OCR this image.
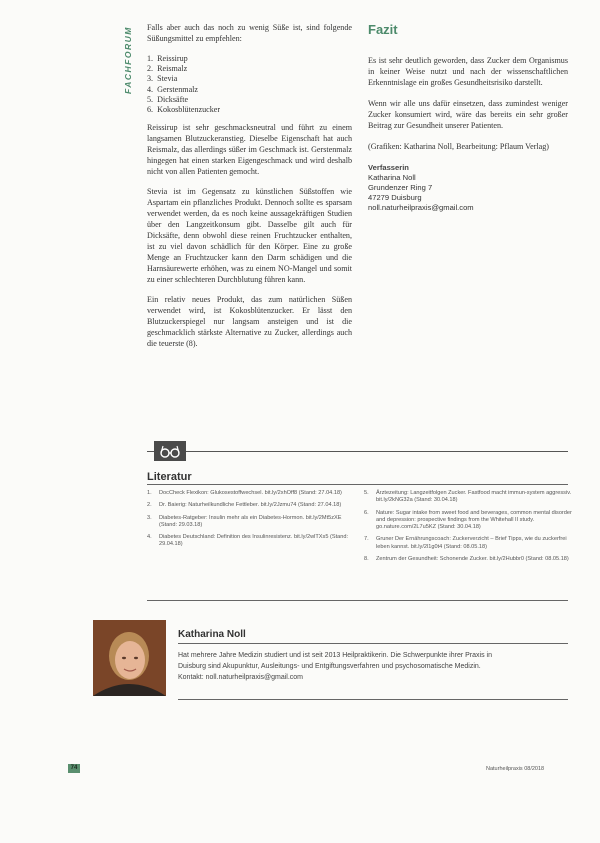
FACHFORUM Falls aber auch das noch zu wenig Süße ist, sind folgende Süßungsmittel zu empfehlen:

1.  Reissirup
2.  Reismalz
3.  Stevia
4.  Gerstenmalz
5.  Dicksäfte
6.  Kokosblütenzucker

Reissirup ist sehr geschmacksneutral und führt zu einem langsamen Blutzuckeranstieg. Dieselbe Eigenschaft hat auch Reismalz, das allerdings süßer im Geschmack ist. Gerstenmalz hingegen hat einen starken Eigengeschmack und wird deshalb nicht von allen Patienten gemocht.

Stevia ist im Gegensatz zu künstlichen Süßstoffen wie Aspartam ein pflanzliches Produkt. Dennoch sollte es sparsam verwendet werden, da es noch keine aussagekräftigen Studien über den Langzeitkonsum gibt. Dasselbe gilt auch für Dicksäfte, denn obwohl diese reinen Fruchtzucker enthalten, ist zu viel davon schädlich für den Körper. Eine zu große Menge an Fruchtzucker kann den Darm schädigen und die Harnsäurewerte erhöhen, was zu einem NO-Mangel und somit zu einer schlechteren Durchblutung führen kann.

Ein relativ neues Produkt, das zum natürlichen Süßen verwendet wird, ist Kokosblütenzucker. Er lässt den Blutzuckerspiegel nur langsam ansteigen und ist die geschmacklich stärkste Alternative zu Zucker, allerdings auch die teuerste (8).

Fazit

Es ist sehr deutlich geworden, dass Zucker dem Organismus in keiner Weise nutzt und nach der wissenschaftlichen Erkenntnislage ein großes Gesundheitsrisiko darstellt.

Wenn wir alle uns dafür einsetzen, dass zumindest weniger Zucker konsumiert wird, wäre das bereits ein sehr großer Beitrag zur Gesundheit unserer Patienten.

(Grafiken: Katharina Noll, Bearbeitung: Pflaum Verlag)

Verfasserin
Katharina Noll
Grundenzer Ring 7
47279 Duisburg
noll.naturheilpraxis@gmail.com
Literatur
1. DocCheck Flexikon: Glukosestoffwechsel. bit.ly/2xhOff8 (Stand: 27.04.18)
2. Dr. Baierig: Naturheilkundliche Fettleber. bit.ly/2Jzmu74 (Stand: 27.04.18)
3. Diabetes-Ratgeber: Insulin mehr als ein Diabetes-Hormon. bit.ly/2Mt5zXE (Stand: 29.03.18)
4. Diabetes Deutschland: Definition des Insulinresistenz. bit.ly/2wlTXs5 (Stand: 29.04.18)
5. Ärztezeitung: Langzeitfolgen Zucker. Fastfood macht immun-system aggressiv. bit.ly/2kNG32a (Stand: 30.04.18)
6. Nature: Sugar intake from sweet food and beverages, common mental disorder and depression: prospective findings from the Whitehall II study. go.nature.com/2L7u5KZ (Stand: 30.04.18)
7. Gruner Der Ernährungscoach: Zuckerverzicht – Brief Tipps, wie du zuckerfrei leben kannst. bit.ly/2l1g0t4 (Stand: 08.05.18)
8. Zentrum der Gesundheit: Schonende Zucker. bit.ly/2Hubbr0 (Stand: 08.05.18)
Katharina Noll
Hat mehrere Jahre Medizin studiert und ist seit 2013 Heilpraktikerin. Die Schwerpunkte ihrer Praxis in
Duisburg sind Akupunktur, Ausleitungs- und Entgiftungsverfahren und psychosomatische Medizin.
Kontakt: noll.naturheilpraxis@gmail.com
74	Naturheilpraxis 08/2018
